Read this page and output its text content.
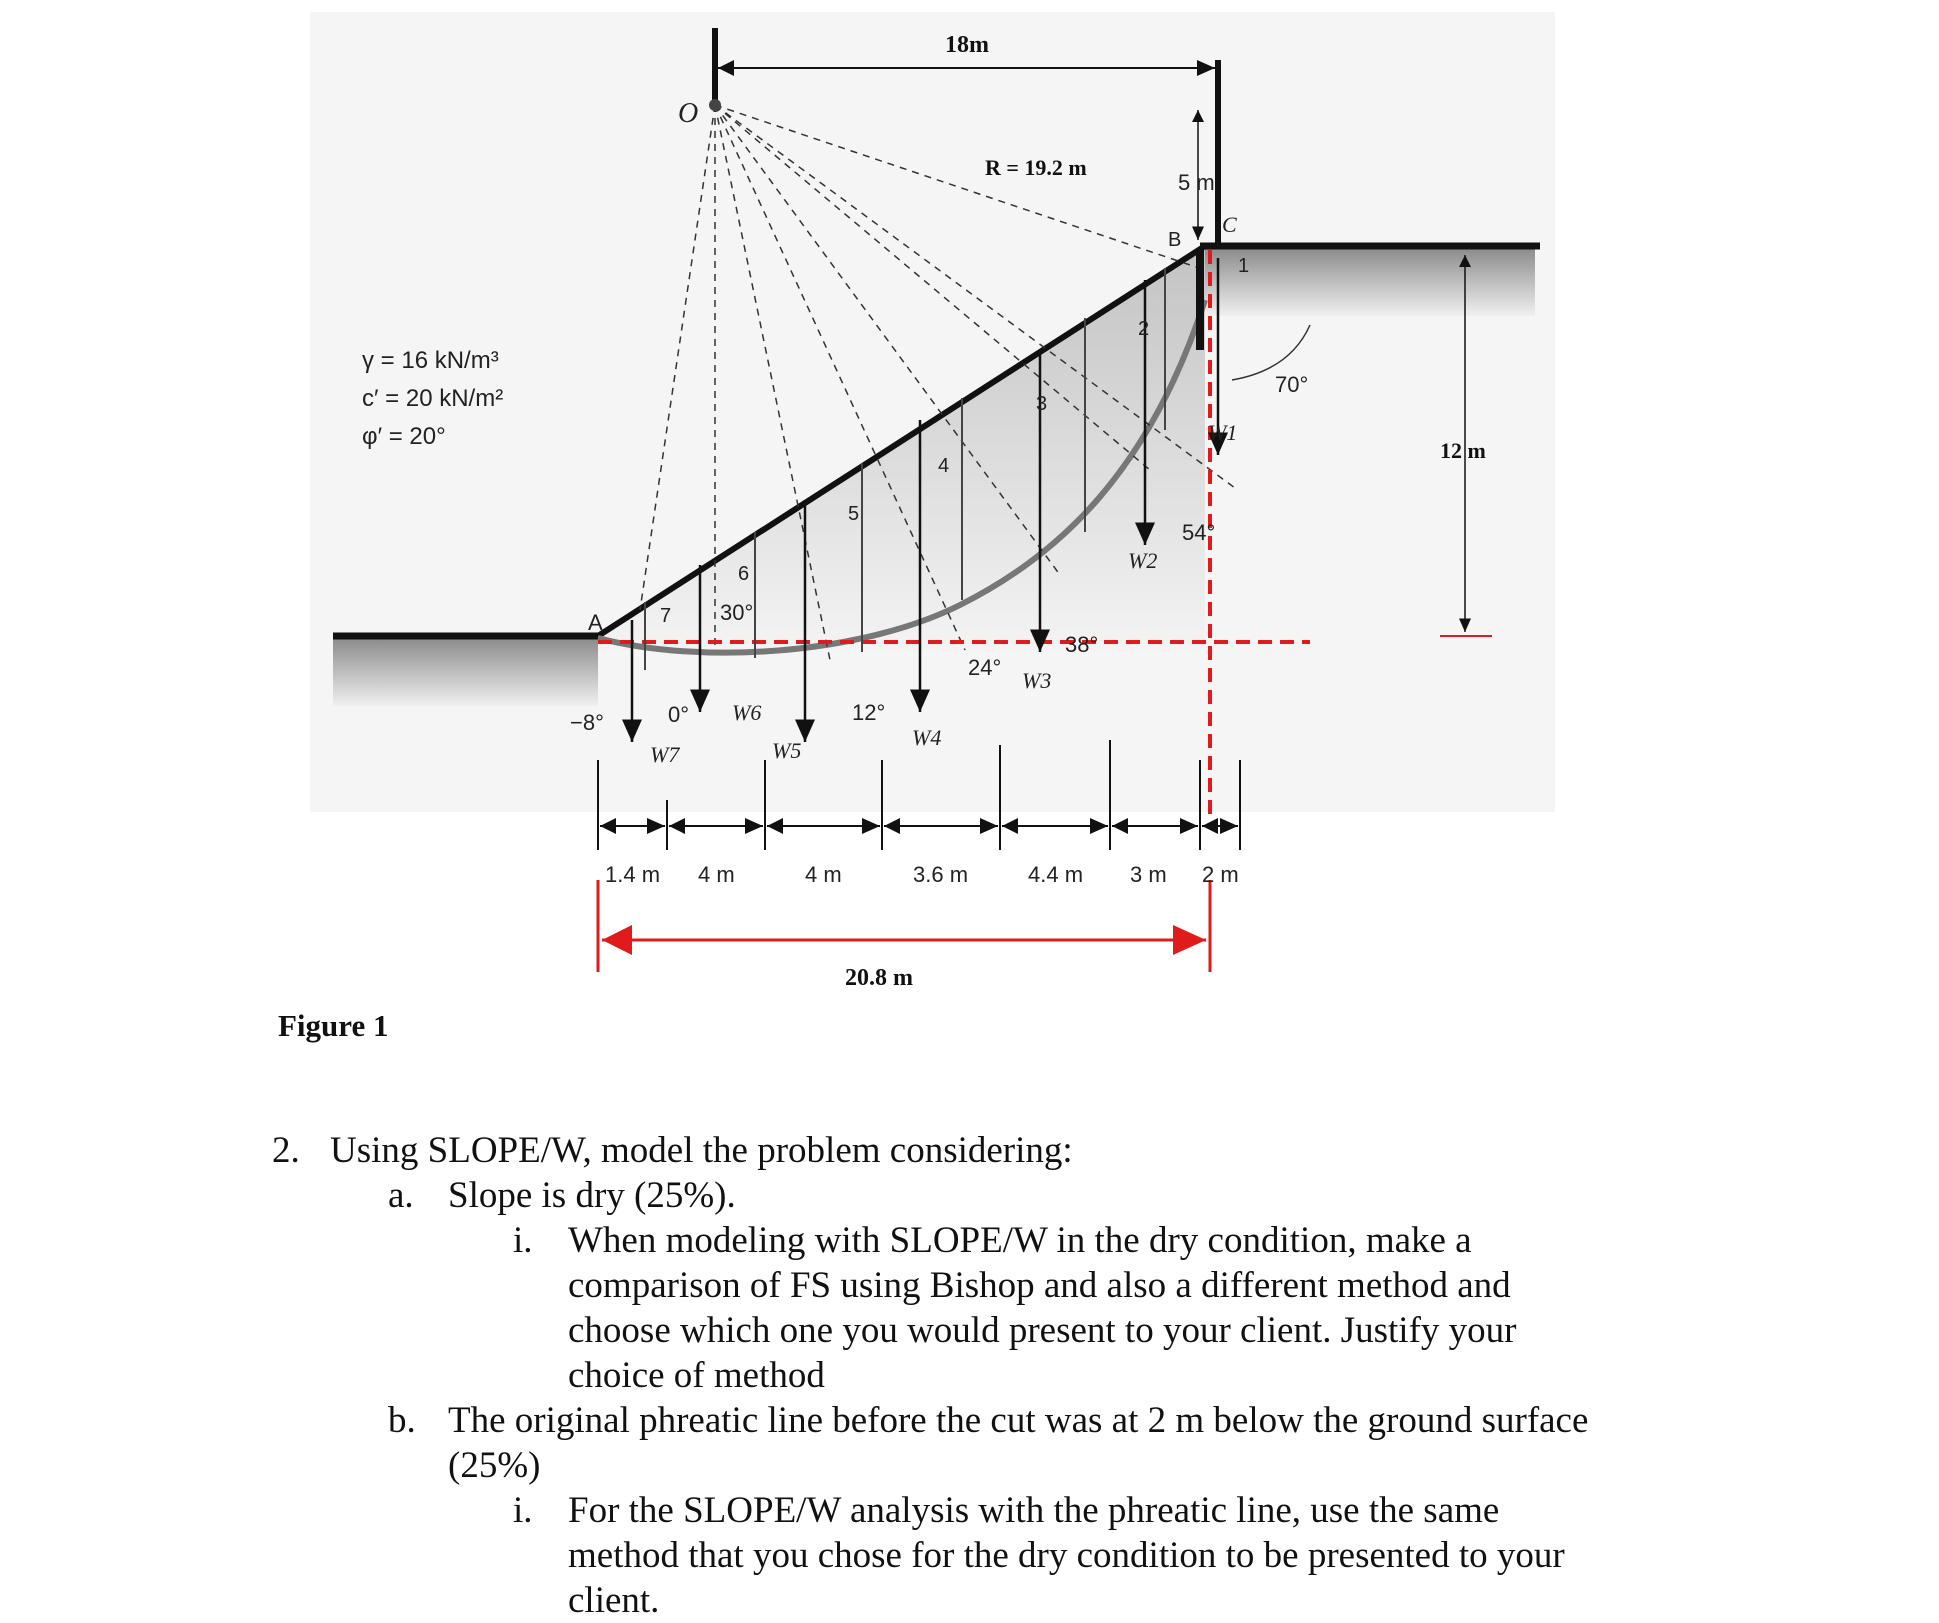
O
A
B
C
18m
R = 19.2 m
5 m
12 m
70°
54°
38°
24°
12°
0°
−8°
30°
γ = 16 kN/m³
c′ = 20 kN/m²
φ′ = 20°
1
2
3
4
5
6
7
W1
W2
W3
W4
W5
W6
W7
1.4 m 4 m	4 m	3.6 m	4.4 m 3 m 2 m
20.8 m
Figure 1
2. Using SLOPE/W, model the problem considering:
a. Slope is dry (25%).
i. When modeling with SLOPE/W in the dry condition, make a
comparison of FS using Bishop and also a different method and
choose which one you would present to your client. Justify your
choice of method
b. The original phreatic line before the cut was at 2 m below the ground surface
(25%)
i. For the SLOPE/W analysis with the phreatic line, use the same
method that you chose for the dry condition to be presented to your
client.
